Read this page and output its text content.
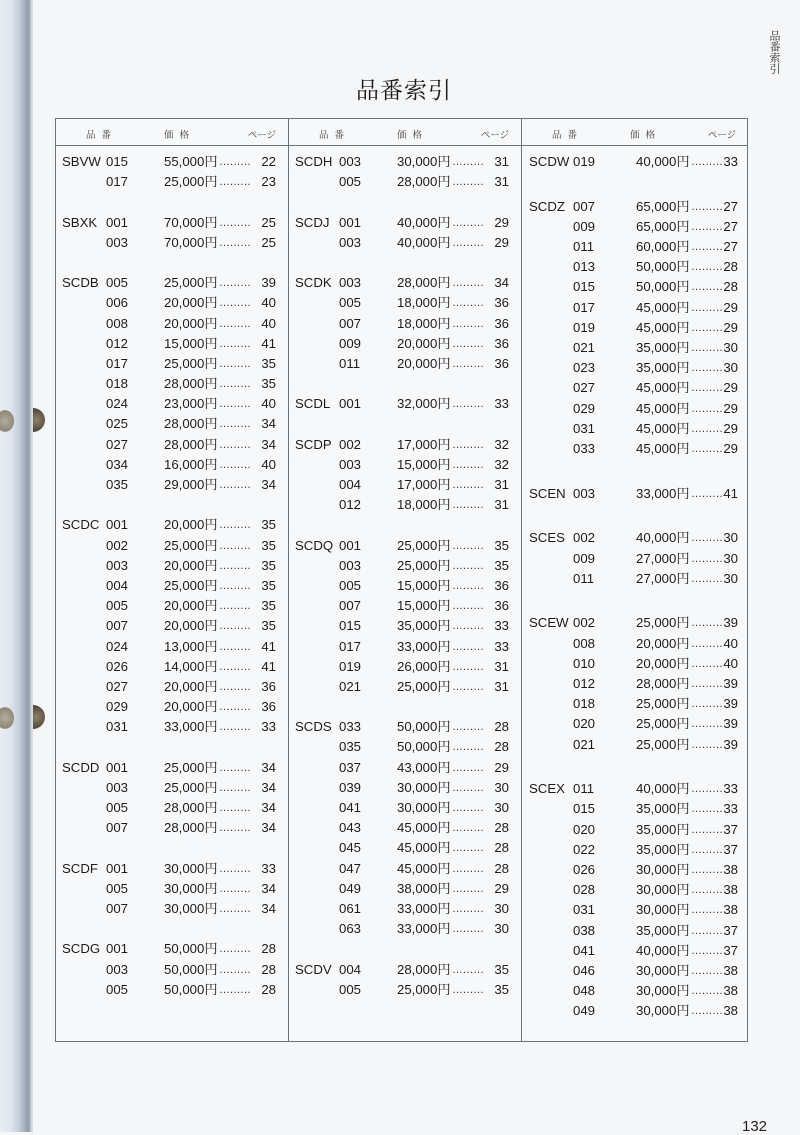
品番索引
品番索引
品番	価格	ページ
SBVW 015	55,000円 ……… 22
017	25,000円 ……… 23
SBXK 001	70,000円 ……… 25
003	70,000円 ……… 25
SCDB 005	25,000円 ……… 39
006	20,000円 ……… 40
008	20,000円 ……… 40
012	15,000円 ……… 41
017	25,000円 ……… 35
018	28,000円 ……… 35
024	23,000円 ……… 40
025	28,000円 ……… 34
027	28,000円 ……… 34
034	16,000円 ……… 40
035	29,000円 ……… 34
SCDC 001	20,000円 ……… 35
002	25,000円 ……… 35
003	20,000円 ……… 35
004	25,000円 ……… 35
005	20,000円 ……… 35
007	20,000円 ……… 35
024	13,000円 ……… 41
026	14,000円 ……… 41
027	20,000円 ……… 36
029	20,000円 ……… 36
031	33,000円 ……… 33
SCDD 001	25,000円 ……… 34
003	25,000円 ……… 34
005	28,000円 ……… 34
007	28,000円 ……… 34
SCDF 001	30,000円 ……… 33
005	30,000円 ……… 34
007	30,000円 ……… 34
SCDG 001	50,000円 ……… 28
003	50,000円 ……… 28
005	50,000円 ……… 28
品番	価格	ページ
SCDH 003	30,000円 ……… 31
005	28,000円 ……… 31
SCDJ 001	40,000円 ……… 29
003	40,000円 ……… 29
SCDK 003	28,000円 ……… 34
005	18,000円 ……… 36
007	18,000円 ……… 36
009	20,000円 ……… 36
011	20,000円 ……… 36
SCDL 001	32,000円 ……… 33
SCDP 002	17,000円 ……… 32
003	15,000円 ……… 32
004	17,000円 ……… 31
012	18,000円 ……… 31
SCDQ 001	25,000円 ……… 35
003	25,000円 ……… 35
005	15,000円 ……… 36
007	15,000円 ……… 36
015	35,000円 ……… 33
017	33,000円 ……… 33
019	26,000円 ……… 31
021	25,000円 ……… 31
SCDS 033	50,000円 ……… 28
035	50,000円 ……… 28
037	43,000円 ……… 29
039	30,000円 ……… 30
041	30,000円 ……… 30
043	45,000円 ……… 28
045	45,000円 ……… 28
047	45,000円 ……… 28
049	38,000円 ……… 29
061	33,000円 ……… 30
063	33,000円 ……… 30
SCDV 004	28,000円 ……… 35
005	25,000円 ……… 35
品番	価格	ページ
SCDW 019	40,000円 ……… 33
SCDZ 007	65,000円 ……… 27
009	65,000円 ……… 27
011	60,000円 ……… 27
013	50,000円 ……… 28
015	50,000円 ……… 28
017	45,000円 ……… 29
019	45,000円 ……… 29
021	35,000円 ……… 30
023	35,000円 ……… 30
027	45,000円 ……… 29
029	45,000円 ……… 29
031	45,000円 ……… 29
033	45,000円 ……… 29
SCEN 003	33,000円 ……… 41
SCES 002	40,000円 ……… 30
009	27,000円 ……… 30
011	27,000円 ……… 30
SCEW 002	25,000円 ……… 39
008	20,000円 ……… 40
010	20,000円 ……… 40
012	28,000円 ……… 39
018	25,000円 ……… 39
020	25,000円 ……… 39
021	25,000円 ……… 39
SCEX 011	40,000円 ……… 33
015	35,000円 ……… 33
020	35,000円 ……… 37
022	35,000円 ……… 37
026	30,000円 ……… 38
028	30,000円 ……… 38
031	30,000円 ……… 38
038	35,000円 ……… 37
041	40,000円 ……… 37
046	30,000円 ……… 38
048	30,000円 ……… 38
049	30,000円 ……… 38
132
